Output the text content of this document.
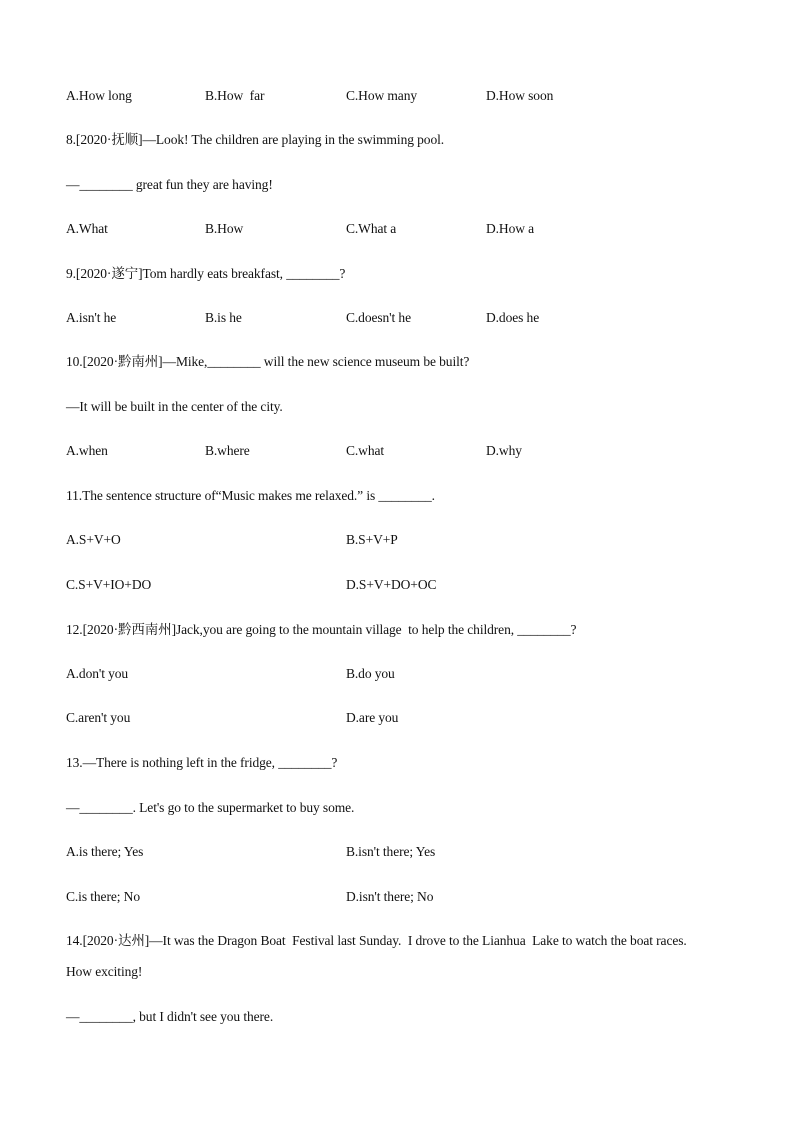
A.How long	B.How  far	C.How many	D.How soon
8.[2020·抚顺]—Look! The children are playing in the swimming pool.
—________ great fun they are having!
A.What	B.How	C.What a	D.How a
9.[2020·遂宁]Tom hardly eats breakfast, ________?
A.isn't he	B.is he	C.doesn't he	D.does he
10.[2020·黔南州]—Mike,________ will the new science museum be built?
—It will be built in the center of the city.
A.when	B.where	C.what	D.why
11.The sentence structure of“Music makes me relaxed.” is ________.
A.S+V+O	B.S+V+P
C.S+V+IO+DO	D.S+V+DO+OC
12.[2020·黔西南州]Jack,you are going to the mountain village  to help the children, ________?
A.don't you	B.do you
C.aren't you	D.are you
13.—There is nothing left in the fridge, ________?
—________. Let's go to the supermarket to buy some.
A.is there; Yes	B.isn't there; Yes
C.is there; No	D.isn't there; No
14.[2020·达州]—It was the Dragon Boat  Festival last Sunday.  I drove to the Lianhua  Lake to watch the boat races.
How exciting!
—________, but I didn't see you there.
